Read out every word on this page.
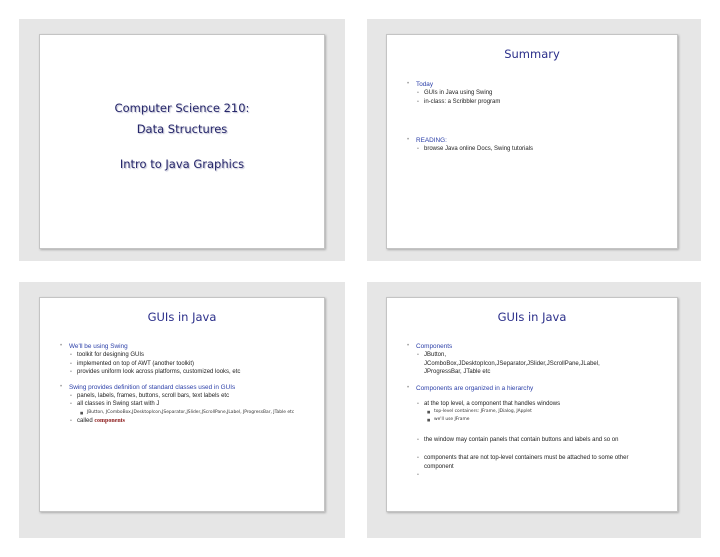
Computer Science 210:
Data Structures
Intro to Java Graphics
Summary
• Today
• GUIs in Java using Swing
• in-class: a Scribbler program
• READING:
• browse Java online Docs, Swing tutorials
GUIs in Java
• We'll be using Swing
• toolkit for designing GUIs
• implemented on top of AWT (another toolkit)
• provides uniform look across platforms, customized looks, etc
• Swing provides definition of standard classes used in GUIs
• panels, labels, frames, buttons, scroll bars, text labels etc
• all classes in Swing start with J
■ JButton, JComboBox,JDesktopIcon,JSeparator,JSlider,JScrollPane,JLabel, JProgressBar, JTable etc
• called components
GUIs in Java
• Components
• JButton, JComboBox,JDesktopIcon,JSeparator,JSlider,JScrollPane,JLabel, JProgressBar, JTable etc
• Components are organized in a hierarchy
• at the top level, a component that handles windows
■ top-level containers: JFrame, JDialog, JApplet
■ we'll use JFrame
• the window may contain panels that contain buttons and labels and so on
• components that are not top-level containers must be attached to some other component
•
